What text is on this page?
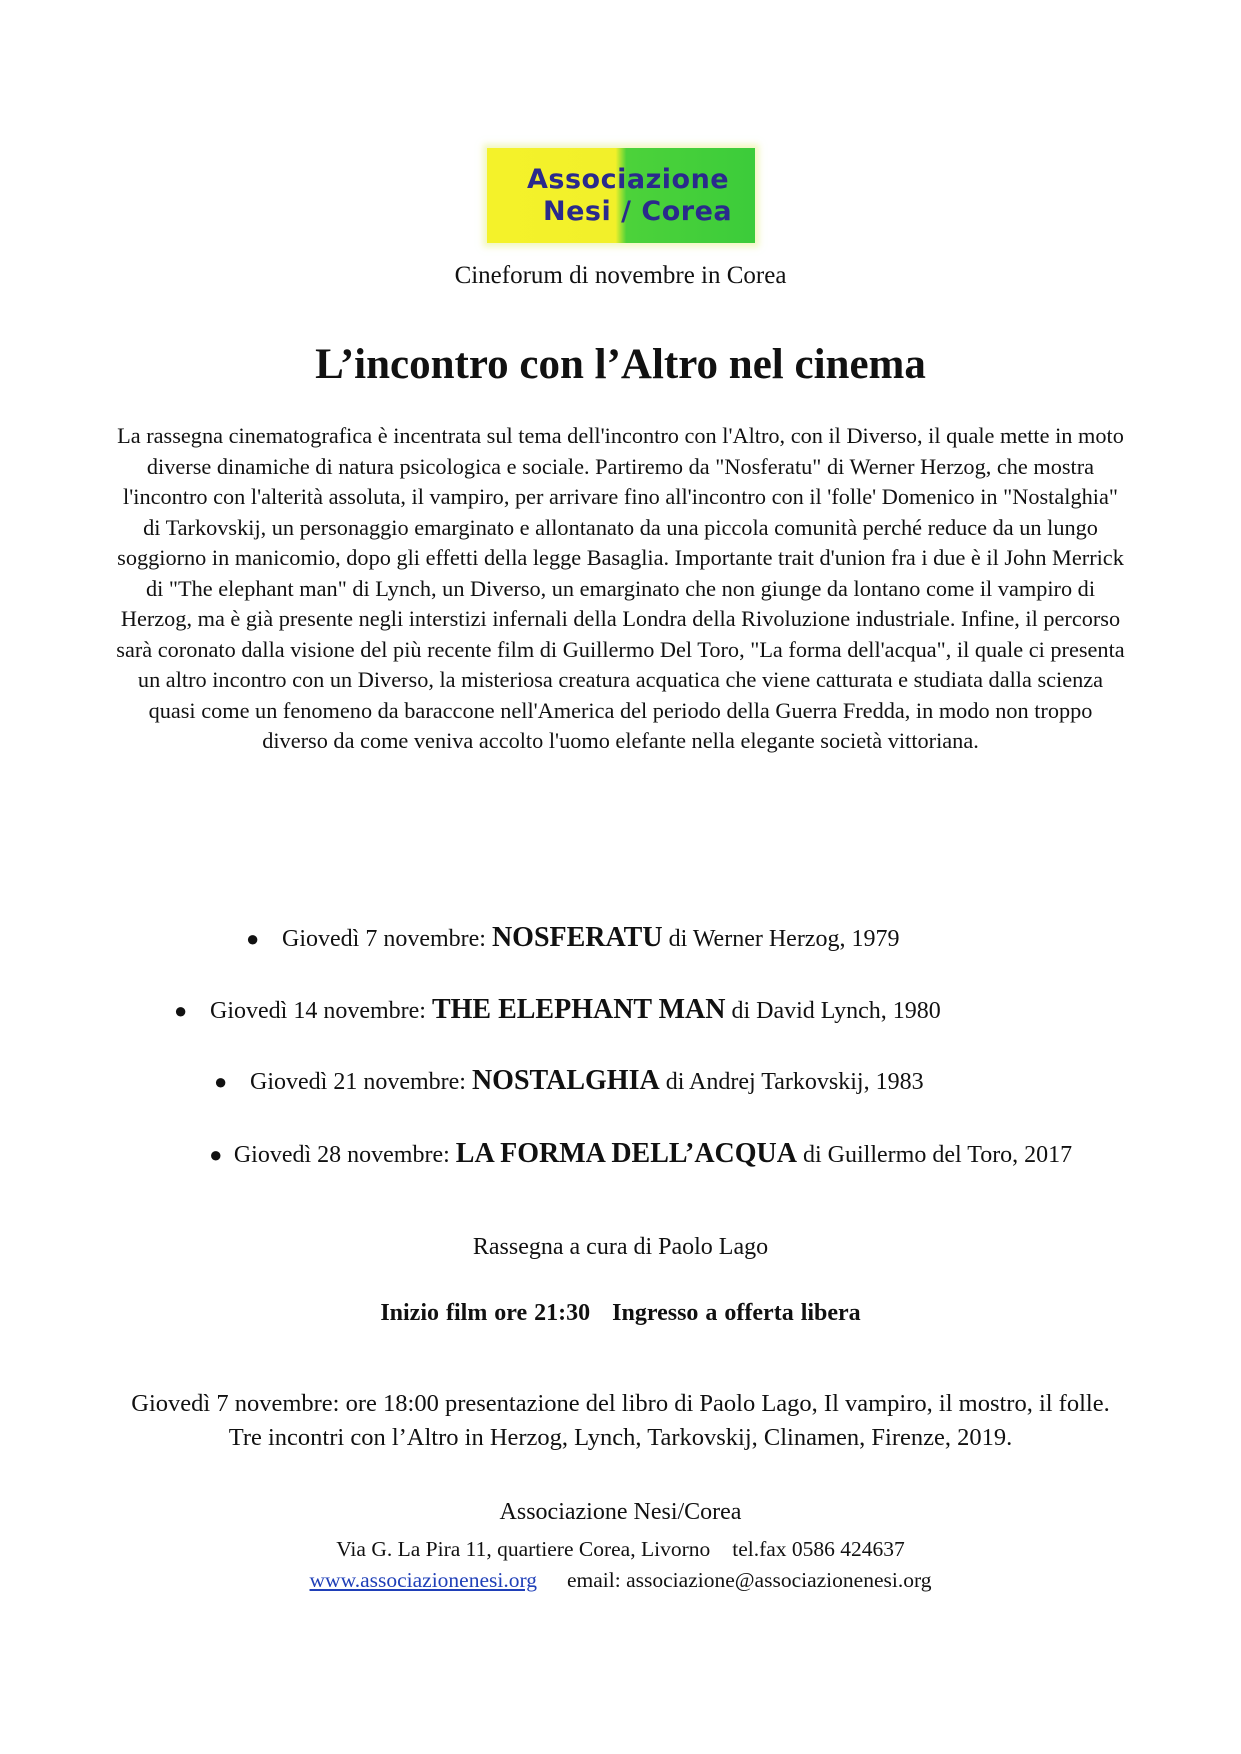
Associazione
Nesi / Corea
Cineforum di novembre in Corea
L’incontro con l’Altro nel cinema
La rassegna cinematografica è incentrata sul tema dell'incontro con l'Altro, con il Diverso, il quale mette in moto diverse dinamiche di natura psicologica e sociale. Partiremo da "Nosferatu" di Werner Herzog, che mostra l'incontro con l'alterità assoluta, il vampiro, per arrivare fino all'incontro con il 'folle' Domenico in "Nostalghia" di Tarkovskij, un personaggio emarginato e allontanato da una piccola comunità perché reduce da un lungo soggiorno in manicomio, dopo gli effetti della legge Basaglia. Importante trait d'union fra i due è il John Merrick di "The elephant man" di Lynch, un Diverso, un emarginato che non giunge da lontano come il vampiro di Herzog, ma è già presente negli interstizi infernali della Londra della Rivoluzione industriale. Infine, il percorso sarà coronato dalla visione del più recente film di Guillermo Del Toro, "La forma dell'acqua", il quale ci presenta un altro incontro con un Diverso, la misteriosa creatura acquatica che viene catturata e studiata dalla scienza quasi come un fenomeno da baraccone nell'America del periodo della Guerra Fredda, in modo non troppo diverso da come veniva accolto l'uomo elefante nella elegante società vittoriana.
● Giovedì 7 novembre: NOSFERATU di Werner Herzog, 1979
● Giovedì 14 novembre: THE ELEPHANT MAN di David Lynch, 1980
● Giovedì 21 novembre: NOSTALGHIA di Andrej Tarkovskij, 1983
● Giovedì 28 novembre: LA FORMA DELL’ACQUA di Guillermo del Toro, 2017
Rassegna a cura di Paolo Lago
Inizio film ore 21:30 Ingresso a offerta libera
Giovedì 7 novembre: ore 18:00 presentazione del libro di Paolo Lago, Il vampiro, il mostro, il folle. Tre incontri con l’Altro in Herzog, Lynch, Tarkovskij, Clinamen, Firenze, 2019.
Associazione Nesi/Corea
Via G. La Pira 11, quartiere Corea, Livorno tel.fax 0586 424637
www.associazionenesi.org email: associazione@associazionenesi.org
